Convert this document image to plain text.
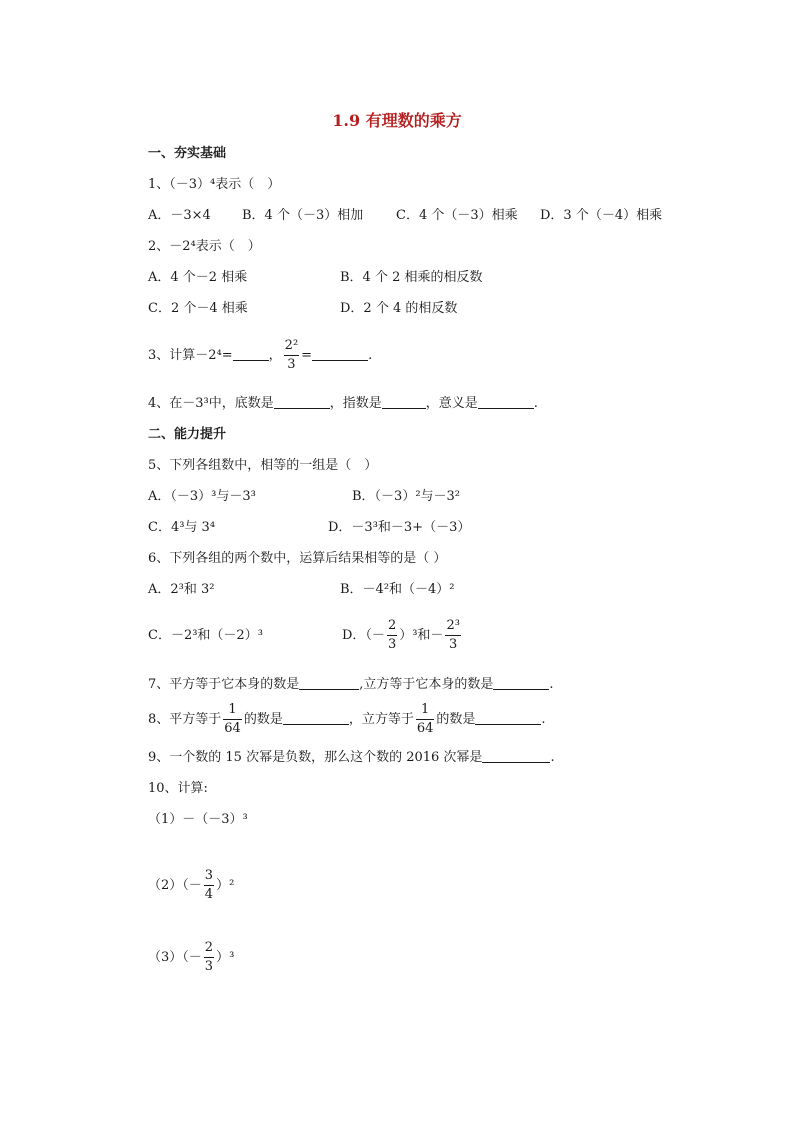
1.9 有理数的乘方
一、夯实基础
1、（－3）⁴表示（　）
A．－3×4 B．4 个（－3）相加	C．4 个（－3）相乘 D．3 个（－4）相乘
2、－2⁴表示（　）
A．4 个－2 相乘	B．4 个 2 相乘的相反数
C．2 个－4 相乘	D．2 个 4 的相反数
3、计算－2⁴=	， $\frac{\text{2²}}{3}$ =	.
4、在－3³中，底数是	，指数是	，意义是	.
二、能力提升
5、下列各组数中，相等的一组是（　）
A．（－3）³与－3³	B．（－3）²与－3²
C．4³与 3⁴	D．－3³和－3+（－3）
6、下列各组的两个数中，运算后结果相等的是（ ）
A．2³和 3²	B．－4²和（－4）²
C．－2³和（－2）³	D．（－ $\frac{2}{3} )^3$和－ $\frac{\text{2³}}{3}$
7、平方等于它本身的数是	,立方等于它本身的数是	.
8、平方等于 $\frac{1}{64}$ 的数是	，立方等于 $\frac{1}{64}$ 的数是	.
9、一个数的 15 次幂是负数，那么这个数的 2016 次幂是	.
10、计算:
（1）－（－3）³
$(2)(- \frac{3}{4} )^2$
$(3)(- \frac{2}{3} )^3$
